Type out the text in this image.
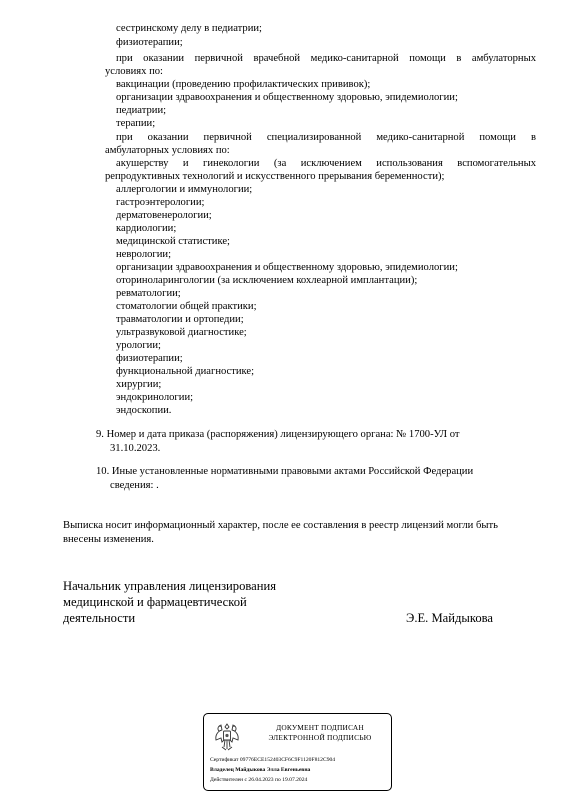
сестринскому делу в педиатрии;
физиотерапии;
при оказании первичной врачебной медико-санитарной помощи в амбулаторных
условиях по:
вакцинации (проведению профилактических прививок);
организации здравоохранения и общественному здоровью, эпидемиологии;
педиатрии;
терапии;
при оказании первичной специализированной медико-санитарной помощи в
амбулаторных условиях по:
акушерству и гинекологии (за исключением использования вспомогательных
репродуктивных технологий и искусственного прерывания беременности);
аллергологии и иммунологии;
гастроэнтерологии;
дерматовенерологии;
кардиологии;
медицинской статистике;
неврологии;
организации здравоохранения и общественному здоровью, эпидемиологии;
оториноларингологии (за исключением кохлеарной имплантации);
ревматологии;
стоматологии общей практики;
травматологии и ортопедии;
ультразвуковой диагностике;
урологии;
физиотерапии;
функциональной диагностике;
хирургии;
эндокринологии;
эндоскопии.
9. Номер и дата приказа (распоряжения) лицензирующего органа: № 1700-УЛ от
31.10.2023.
10. Иные установленные нормативными правовыми актами Российской Федерации
сведения: .
Выписка носит информационный характер, после ее составления в реестр лицензий могли быть внесены изменения.
Начальник управления лицензирования
медицинской и фармацевтической
деятельности	Э.Е. Майдыкова
ДОКУМЕНТ ПОДПИСАН
ЭЛЕКТРОННОЙ ПОДПИСЬЮ
Сертификат 09776ECE152403CF6C9F1120F812C904
Владелец Майдыкова Элла Евгеньевна
Действителен с 26.04.2023 по 19.07.2024
